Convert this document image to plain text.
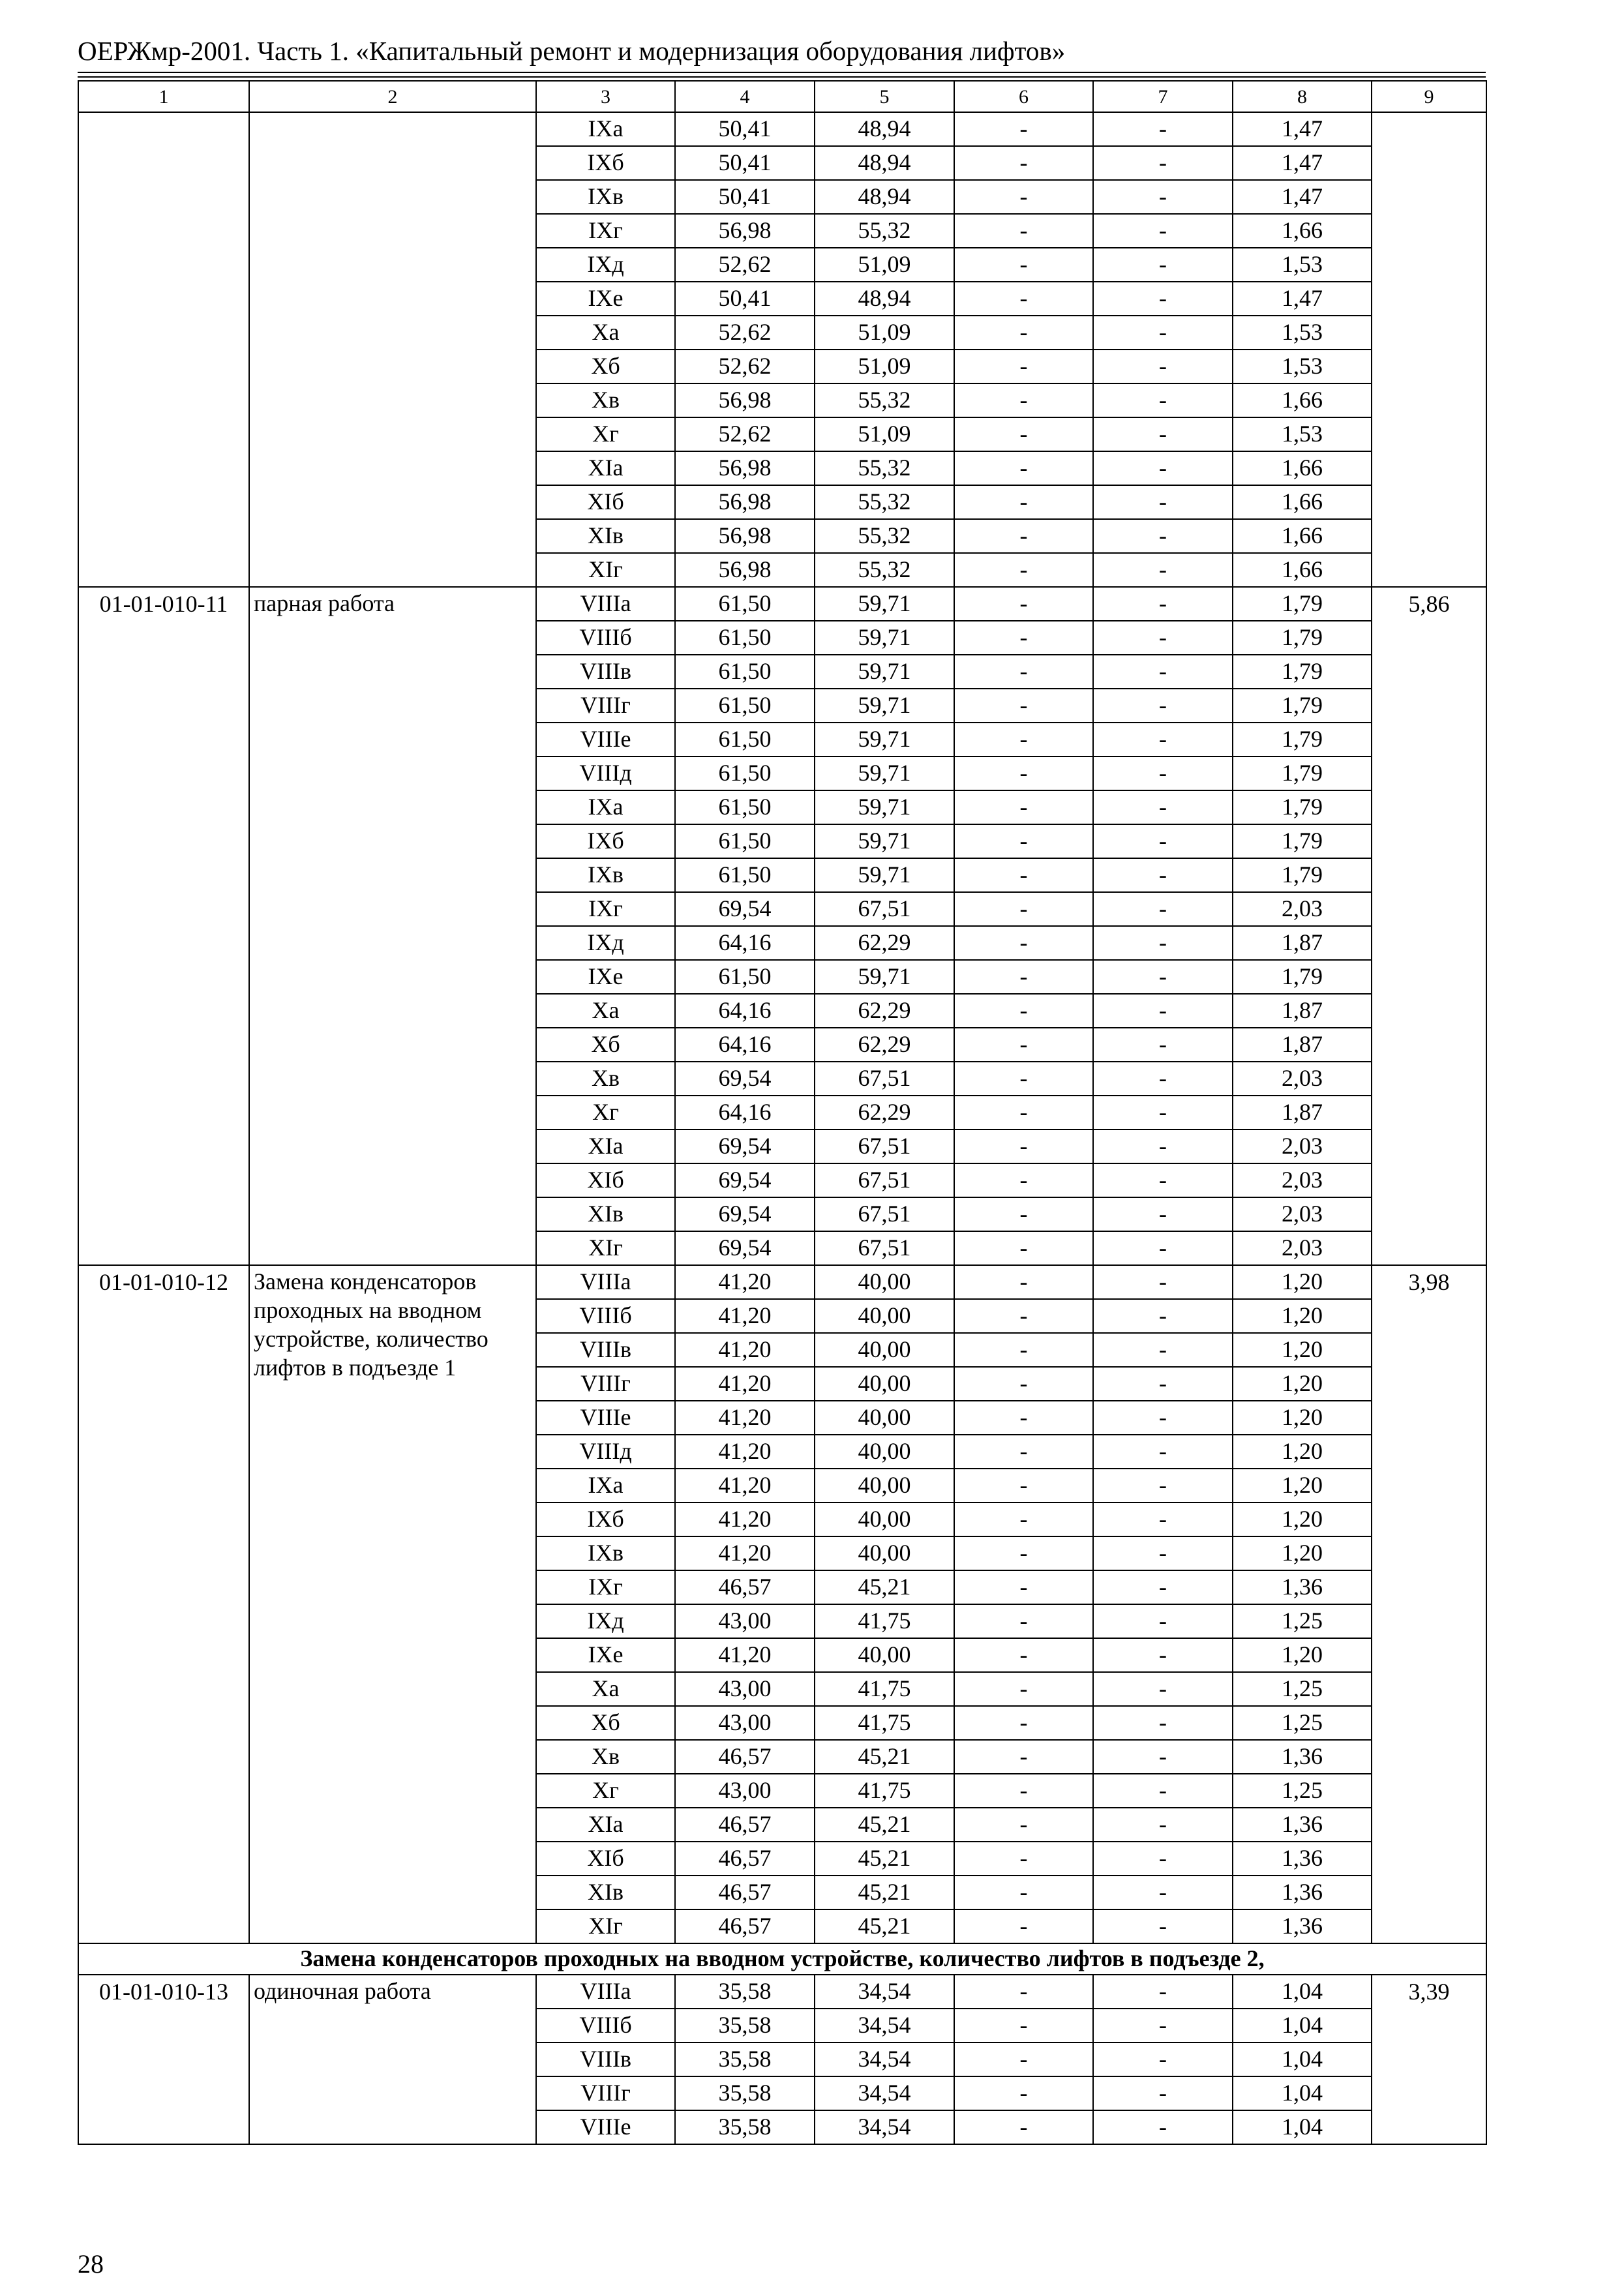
ОЕРЖмр-2001. Часть 1. «Капитальный ремонт и модернизация оборудования лифтов»
1	2	3	4	5	6	7	8	9
		IXа	50,41	48,94	-	-	1,47	
		IXб	50,41	48,94	-	-	1,47	
		IXв	50,41	48,94	-	-	1,47	
		IXг	56,98	55,32	-	-	1,66	
		IXд	52,62	51,09	-	-	1,53	
		IXе	50,41	48,94	-	-	1,47	
		Xа	52,62	51,09	-	-	1,53	
		Xб	52,62	51,09	-	-	1,53	
		Xв	56,98	55,32	-	-	1,66	
		Xг	52,62	51,09	-	-	1,53	
		XIа	56,98	55,32	-	-	1,66	
		XIб	56,98	55,32	-	-	1,66	
		XIв	56,98	55,32	-	-	1,66	
		XIг	56,98	55,32	-	-	1,66	
01-01-010-11	парная работа	VIIIа	61,50	59,71	-	-	1,79	5,86
		VIIIб	61,50	59,71	-	-	1,79	
		VIIIв	61,50	59,71	-	-	1,79	
		VIIIг	61,50	59,71	-	-	1,79	
		VIIIе	61,50	59,71	-	-	1,79	
		VIIIд	61,50	59,71	-	-	1,79	
		IXа	61,50	59,71	-	-	1,79	
		IXб	61,50	59,71	-	-	1,79	
		IXв	61,50	59,71	-	-	1,79	
		IXг	69,54	67,51	-	-	2,03	
		IXд	64,16	62,29	-	-	1,87	
		IXе	61,50	59,71	-	-	1,79	
		Xа	64,16	62,29	-	-	1,87	
		Xб	64,16	62,29	-	-	1,87	
		Xв	69,54	67,51	-	-	2,03	
		Xг	64,16	62,29	-	-	1,87	
		XIа	69,54	67,51	-	-	2,03	
		XIб	69,54	67,51	-	-	2,03	
		XIв	69,54	67,51	-	-	2,03	
		XIг	69,54	67,51	-	-	2,03	
01-01-010-12	Замена конденсаторов проходных на вводном устройстве, количество лифтов в подъезде 1	VIIIа	41,20	40,00	-	-	1,20	3,98
		VIIIб	41,20	40,00	-	-	1,20	
		VIIIв	41,20	40,00	-	-	1,20	
		VIIIг	41,20	40,00	-	-	1,20	
		VIIIе	41,20	40,00	-	-	1,20	
		VIIIд	41,20	40,00	-	-	1,20	
		IXа	41,20	40,00	-	-	1,20	
		IXб	41,20	40,00	-	-	1,20	
		IXв	41,20	40,00	-	-	1,20	
		IXг	46,57	45,21	-	-	1,36	
		IXд	43,00	41,75	-	-	1,25	
		IXе	41,20	40,00	-	-	1,20	
		Xа	43,00	41,75	-	-	1,25	
		Xб	43,00	41,75	-	-	1,25	
		Xв	46,57	45,21	-	-	1,36	
		Xг	43,00	41,75	-	-	1,25	
		XIа	46,57	45,21	-	-	1,36	
		XIб	46,57	45,21	-	-	1,36	
		XIв	46,57	45,21	-	-	1,36	
		XIг	46,57	45,21	-	-	1,36	
Замена конденсаторов проходных на вводном устройстве, количество лифтов в подъезде 2,								
01-01-010-13	одиночная работа	VIIIа	35,58	34,54	-	-	1,04	3,39
		VIIIб	35,58	34,54	-	-	1,04	
		VIIIв	35,58	34,54	-	-	1,04	
		VIIIг	35,58	34,54	-	-	1,04	
		VIIIе	35,58	34,54	-	-	1,04	
28
